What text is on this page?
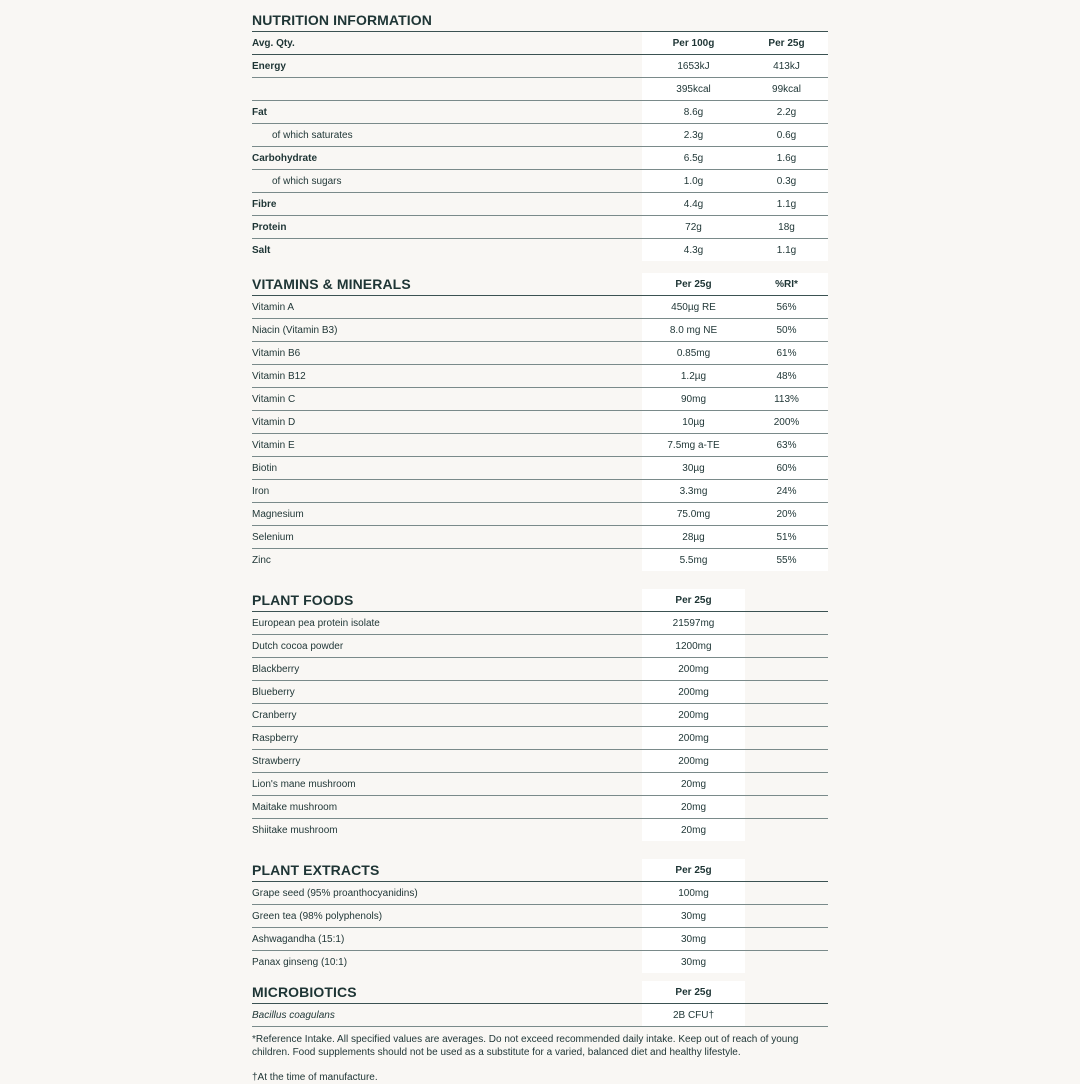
NUTRITION INFORMATION
Avg. Qty.	Per 100g	Per 25g
Energy	1653kJ	413kJ
395kcal	99kcal
Fat	8.6g	2.2g
of which saturates	2.3g	0.6g
Carbohydrate	6.5g	1.6g
of which sugars	1.0g	0.3g
Fibre	4.4g	1.1g
Protein	72g	18g
Salt	4.3g	1.1g
VITAMINS & MINERALS	Per 25g	%RI*
Vitamin A	450µg RE	56%
Niacin (Vitamin B3)	8.0 mg NE	50%
Vitamin B6	0.85mg	61%
Vitamin B12	1.2µg	48%
Vitamin C	90mg	113%
Vitamin D	10µg	200%
Vitamin E	7.5mg a-TE	63%
Biotin	30µg	60%
Iron	3.3mg	24%
Magnesium	75.0mg	20%
Selenium	28µg	51%
Zinc	5.5mg	55%
PLANT FOODS	Per 25g
European pea protein isolate	21597mg
Dutch cocoa powder	1200mg
Blackberry	200mg
Blueberry	200mg
Cranberry	200mg
Raspberry	200mg
Strawberry	200mg
Lion's mane mushroom	20mg
Maitake mushroom	20mg
Shiitake mushroom	20mg
PLANT EXTRACTS	Per 25g
Grape seed (95% proanthocyanidins)	100mg
Green tea (98% polyphenols)	30mg
Ashwagandha (15:1)	30mg
Panax ginseng (10:1)	30mg
MICROBIOTICS	Per 25g
Bacillus coagulans	2B CFU†

*Reference Intake. All specified values are averages. Do not exceed recommended daily intake. Keep out of reach of young children. Food supplements should not be used as a substitute for a varied, balanced diet and healthy lifestyle.

†At the time of manufacture.
